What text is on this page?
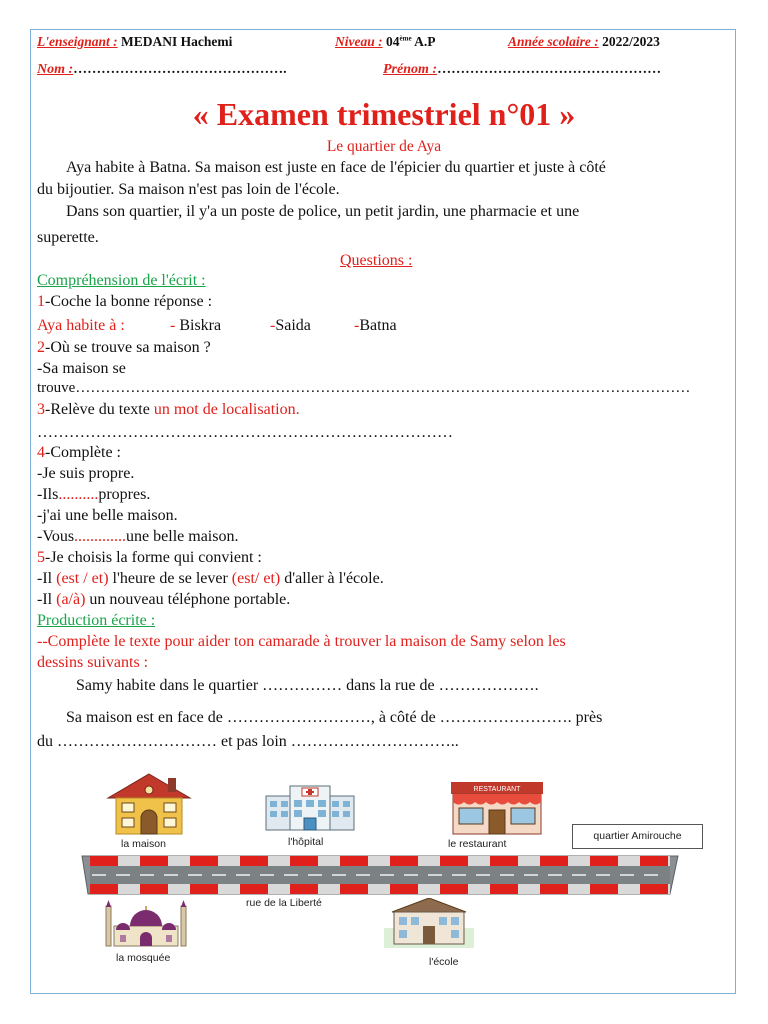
L'enseignant : MEDANI Hachemi	Niveau : 04ème A.P	Année scolaire : 2022/2023
Nom :……………………………………….	Prénom :…………………………………………
« Examen trimestriel n°01 »
Le quartier de Aya
Aya habite à Batna. Sa maison est juste en face de l'épicier du quartier et juste à côté
du bijoutier. Sa maison n'est pas loin de l'école.
Dans son quartier, il y'a un poste de police, un petit jardin, une pharmacie et une
superette.
Questions :
Compréhension de l'écrit :
1-Coche la bonne réponse :
Aya habite à :	- Biskra	-Saida	-Batna
2-Où se trouve sa maison ?
-Sa maison se
trouve……………………………………………………………………………………………………………
3-Relève du texte un mot de localisation.
……………………………………………………………………
4-Complète :
-Je suis propre.
-Ils..........propres.
-j'ai une belle maison.
-Vous.............une belle maison.
5-Je choisis la forme qui convient :
-Il (est / et) l'heure de se lever (est/ et) d'aller à l'école.
-Il (a/à) un nouveau téléphone portable.
Production écrite :
--Complète le texte pour aider ton camarade à trouver la maison de Samy selon les
dessins suivants :
Samy habite dans le quartier …………… dans la rue de ……………….
Sa maison est en face de ………………………, à côté de ……………………. près
du ………………………… et pas loin …………………………..
la maison	l'hôpital
RESTAURANT
le restaurant
quartier Amirouche
rue de la Liberté
la mosquée	l'école
